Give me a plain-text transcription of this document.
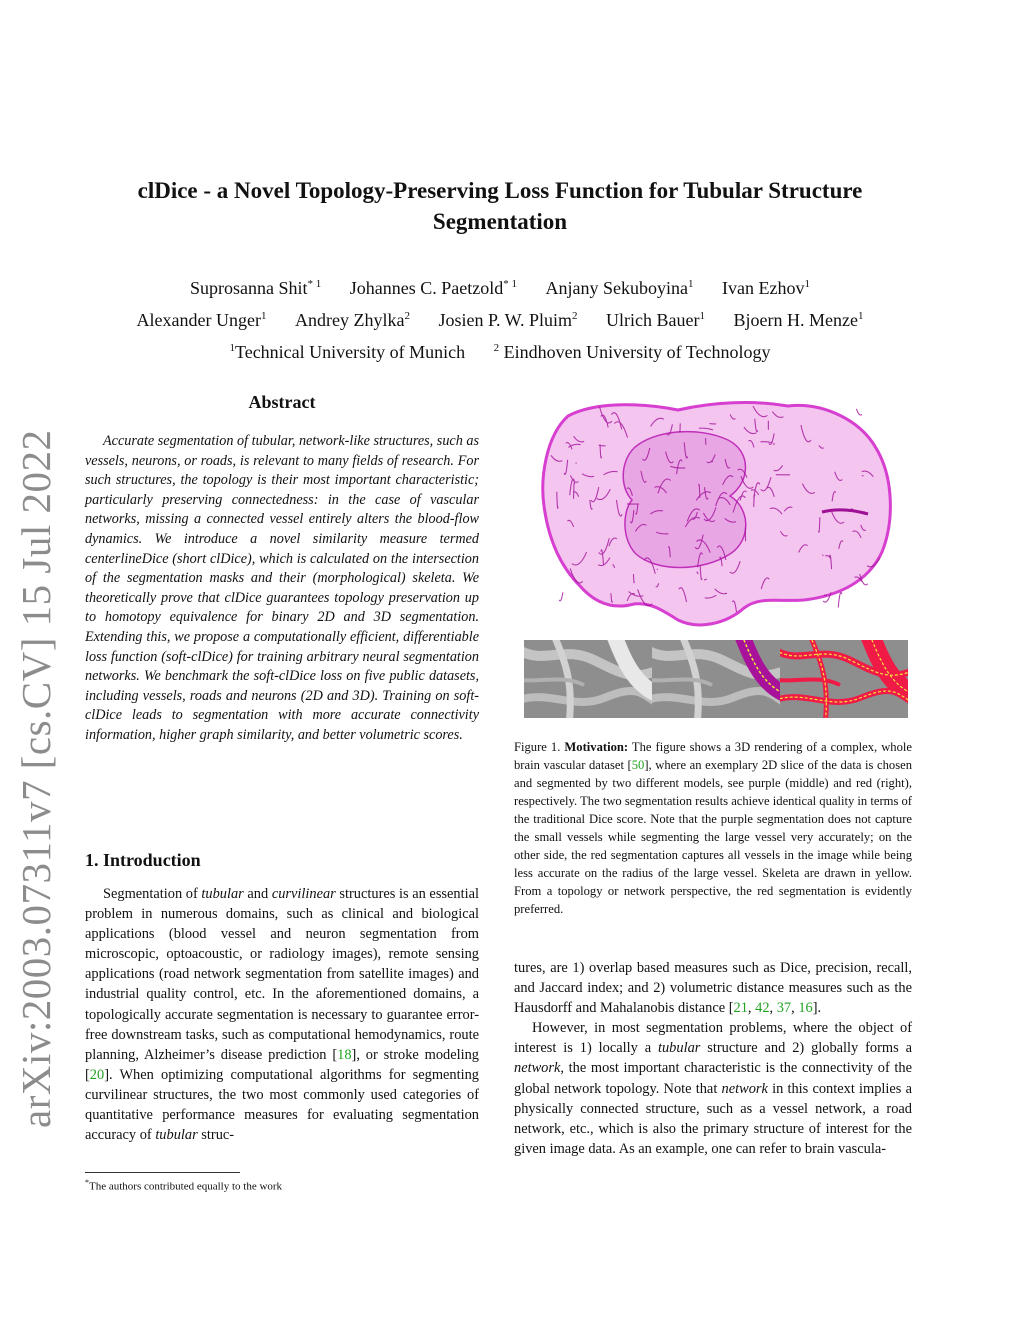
arXiv:2003.07311v7 [cs.CV] 15 Jul 2022
clDice - a Novel Topology-Preserving Loss Function for Tubular Structure
Segmentation
Suprosanna Shit$^{* 1}$ Johannes C. Paetzold$^{* 1}$ Anjany Sekuboyina$^1$ Ivan Ezhov$^1$
Alexander Unger$^1$ Andrey Zhylka$^2$ Josien P. W. Pluim$^2$ Ulrich Bauer$^1$ Bjoern H. Menze$^1$
$^1$Technical University of Munich	$^2$ Eindhoven University of Technology
Abstract

Accurate segmentation of tubular, network-like structures, such as vessels, neurons, or roads, is relevant to many fields of research. For such structures, the topology is their most important characteristic; particularly preserving connectedness: in the case of vascular networks, missing a connected vessel entirely alters the blood-flow dynamics. We introduce a novel similarity measure termed centerlineDice (short clDice), which is calculated on the intersection of the segmentation masks and their (morphological) skeleta. We theoretically prove that clDice guarantees topology preservation up to homotopy equivalence for binary 2D and 3D segmentation. Extending this, we propose a computationally efficient, differentiable loss function (soft-clDice) for training arbitrary neural segmentation networks. We benchmark the soft-clDice loss on five public datasets, including vessels, roads and neurons (2D and 3D). Training on soft-clDice leads to segmentation with more accurate connectivity information, higher graph similarity, and better volumetric scores.

1. Introduction

Segmentation of tubular and curvilinear structures is an essential problem in numerous domains, such as clinical and biological applications (blood vessel and neuron segmentation from microscopic, optoacoustic, or radiology images), remote sensing applications (road network segmentation from satellite images) and industrial quality control, etc. In the aforementioned domains, a topologically accurate segmentation is necessary to guarantee error-free downstream tasks, such as computational hemodynamics, route planning, Alzheimer’s disease prediction [18], or stroke modeling [20]. When optimizing computational algorithms for segmenting curvilinear structures, the two most commonly used categories of quantitative performance measures for evaluating segmentation accuracy of tubular struc-

*The authors contributed equally to the work

Figure 1. Motivation: The figure shows a 3D rendering of a complex, whole brain vascular dataset [50], where an exemplary 2D slice of the data is chosen and segmented by two different models, see purple (middle) and red (right), respectively. The two segmentation results achieve identical quality in terms of the traditional Dice score. Note that the purple segmentation does not capture the small vessels while segmenting the large vessel very accurately; on the other side, the red segmentation captures all vessels in the image while being less accurate on the radius of the large vessel. Skeleta are drawn in yellow. From a topology or network perspective, the red segmentation is evidently preferred.

tures, are 1) overlap based measures such as Dice, precision, recall, and Jaccard index; and 2) volumetric distance measures such as the Hausdorff and Mahalanobis distance [21, 42, 37, 16].

However, in most segmentation problems, where the object of interest is 1) locally a tubular structure and 2) globally forms a network, the most important characteristic is the connectivity of the global network topology. Note that network in this context implies a physically connected structure, such as a vessel network, a road network, etc., which is also the primary structure of interest for the given image data. As an example, one can refer to brain vascula-
